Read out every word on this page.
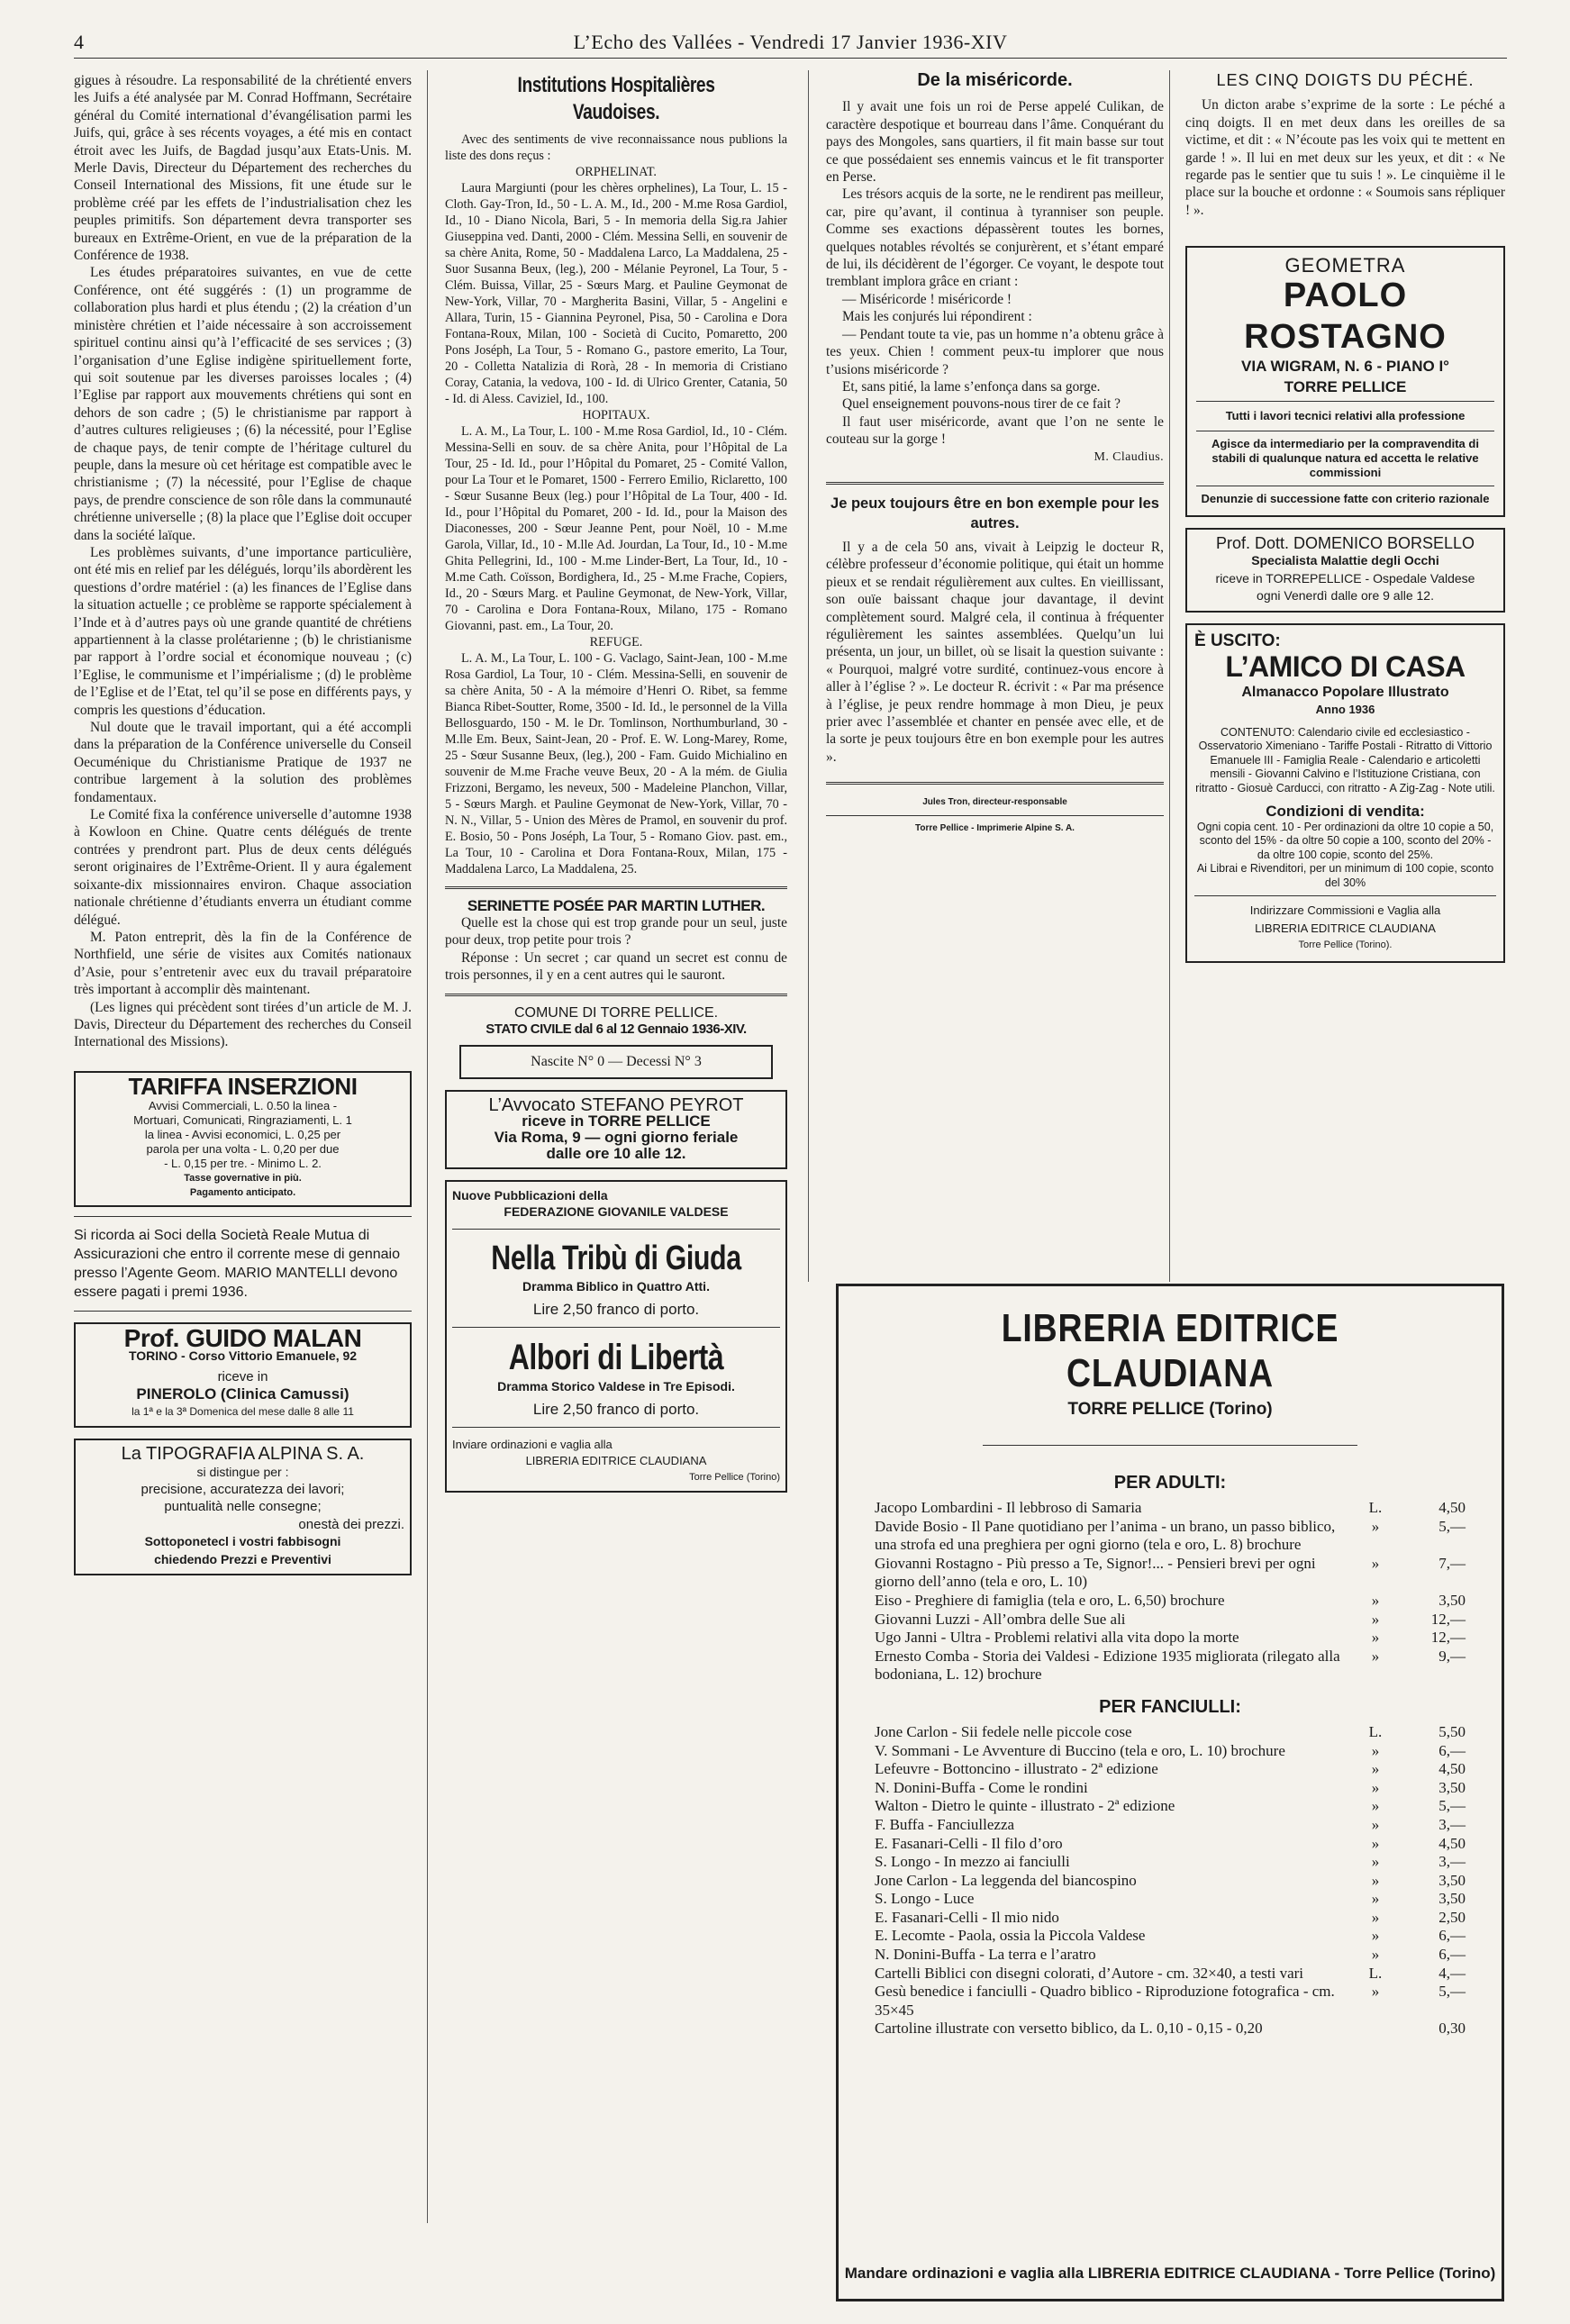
4	L’Echo des Vallées - Vendredi 17 Janvier 1936-XIV

gigues à résoudre. La responsabilité de la chrétienté envers les Juifs a été analysée par M. Conrad Hoffmann, Secrétaire général du Comité international d’évangélisation parmi les Juifs, qui, grâce à ses récents voyages, a été mis en contact étroit avec les Juifs, de Bagdad jusqu’aux Etats-Unis. M. Merle Davis, Directeur du Département des recherches du Conseil International des Missions, fit une étude sur le problème créé par les effets de l’industrialisation chez les peuples primitifs. Son département devra transporter ses bureaux en Extrême-Orient, en vue de la préparation de la Conférence de 1938.

Les études préparatoires suivantes, en vue de cette Conférence, ont été suggérés : (1) un programme de collaboration plus hardi et plus étendu ; (2) la création d’un ministère chrétien et l’aide nécessaire à son accroissement spirituel continu ainsi qu’à l’efficacité de ses services ; (3) l’organisation d’une Eglise indigène spirituellement forte, qui soit soutenue par les diverses paroisses locales ; (4) l’Eglise par rapport aux mouvements chrétiens qui sont en dehors de son cadre ; (5) le christianisme par rapport à d’autres cultures religieuses ; (6) la nécessité, pour l’Eglise de chaque pays, de tenir compte de l’héritage culturel du peuple, dans la mesure où cet héritage est compatible avec le christianisme ; (7) la nécessité, pour l’Eglise de chaque pays, de prendre conscience de son rôle dans la communauté chrétienne universelle ; (8) la place que l’Eglise doit occuper dans la société laïque.

Les problèmes suivants, d’une importance particulière, ont été mis en relief par les délégués, lorqu’ils abordèrent les questions d’ordre matériel : (a) les finances de l’Eglise dans la situation actuelle ; ce problème se rapporte spécialement à l’Inde et à d’autres pays où une grande quantité de chrétiens appartiennent à la classe prolétarienne ; (b) le christianisme par rapport à l’ordre social et économique nouveau ; (c) l’Eglise, le communisme et l’impérialisme ; (d) le problème de l’Eglise et de l’Etat, tel qu’il se pose en différents pays, y compris les questions d’éducation.

Nul doute que le travail important, qui a été accompli dans la préparation de la Conférence universelle du Conseil Oecuménique du Christianisme Pratique de 1937 ne contribue largement à la solution des problèmes fondamentaux.

Le Comité fixa la conférence universelle d’automne 1938 à Kowloon en Chine. Quatre cents délégués de trente contrées y prendront part. Plus de deux cents délégués seront originaires de l’Extrême-Orient. Il y aura également soixante-dix missionnaires environ. Chaque association nationale chrétienne d’étudiants enverra un étudiant comme délégué.

M. Paton entreprit, dès la fin de la Conférence de Northfield, une série de visites aux Comités nationaux d’Asie, pour s’entretenir avec eux du travail préparatoire très important à accomplir dès maintenant.

(Les lignes qui précèdent sont tirées d’un article de M. J. Davis, Directeur du Département des recherches du Conseil International des Missions).

TARIFFA INSERZIONI
Avvisi Commerciali, L. 0.50 la linea -
Mortuari, Comunicati, Ringraziamenti, L. 1
la linea - Avvisi economici, L. 0,25 per
parola per una volta - L. 0,20 per due
- L. 0,15 per tre. - Minimo L. 2.
Tasse governative in più.
Pagamento anticipato.

Si ricorda ai Soci della Società Reale Mutua di Assicurazioni che entro il corrente mese di gennaio presso l’Agente Geom. MARIO MANTELLI devono essere pagati i premi 1936.

Prof. GUIDO MALAN
TORINO - Corso Vittorio Emanuele, 92
riceve in
PINEROLO (Clinica Camussi)
la 1ª e la 3ª Domenica del mese dalle 8 alle 11
La TIPOGRAFIA ALPINA S. A.
si distingue per :
precisione, accuratezza dei lavori;
puntualità nelle consegne;
onestà dei prezzi.
Sottoponetecl i vostri fabbisogni
chiedendo Prezzi e Preventivi
Institutions Hospitalières Vaudoises.

Avec des sentiments de vive reconnaissance nous publions la liste des dons reçus :

ORPHELINAT.

Laura Margiunti (pour les chères orphelines), La Tour, L. 15 - Cloth. Gay-Tron, Id., 50 - L. A. M., Id., 200 - M.me Rosa Gardiol, Id., 10 - Diano Nicola, Bari, 5 - In memoria della Sig.ra Jahier Giuseppina ved. Danti, 2000 - Clém. Messina Selli, en souvenir de sa chère Anita, Rome, 50 - Maddalena Larco, La Maddalena, 25 - Suor Susanna Beux, (leg.), 200 - Mélanie Peyronel, La Tour, 5 - Clém. Buissa, Villar, 25 - Sœurs Marg. et Pauline Geymonat de New-York, Villar, 70 - Margherita Basini, Villar, 5 - Angelini e Allara, Turin, 15 - Giannina Peyronel, Pisa, 50 - Carolina e Dora Fontana-Roux, Milan, 100 - Società di Cucito, Pomaretto, 200 Pons Joséph, La Tour, 5 - Romano G., pastore emerito, La Tour, 20 - Colletta Natalizia di Rorà, 28 - In memoria di Cristiano Coray, Catania, la vedova, 100 - Id. di Ulrico Grenter, Catania, 50 - Id. di Aless. Caviziel, Id., 100.

HOPITAUX.

L. A. M., La Tour, L. 100 - M.me Rosa Gardiol, Id., 10 - Clém. Messina-Selli en souv. de sa chère Anita, pour l’Hôpital de La Tour, 25 - Id. Id., pour l’Hôpital du Pomaret, 25 - Comité Vallon, pour La Tour et le Pomaret, 1500 - Ferrero Emilio, Riclaretto, 100 - Sœur Susanne Beux (leg.) pour l’Hôpital de La Tour, 400 - Id. Id., pour l’Hôpital du Pomaret, 200 - Id. Id., pour la Maison des Diaconesses, 200 - Sœur Jeanne Pent, pour Noël, 10 - M.me Garola, Villar, Id., 10 - M.lle Ad. Jourdan, La Tour, Id., 10 - M.me Ghita Pellegrini, Id., 100 - M.me Linder-Bert, La Tour, Id., 10 - M.me Cath. Coïsson, Bordighera, Id., 25 - M.me Frache, Copiers, Id., 20 - Sœurs Marg. et Pauline Geymonat, de New-York, Villar, 70 - Carolina e Dora Fontana-Roux, Milano, 175 - Romano Giovanni, past. em., La Tour, 20.

REFUGE.

L. A. M., La Tour, L. 100 - G. Vaclago, Saint-Jean, 100 - M.me Rosa Gardiol, La Tour, 10 - Clém. Messina-Selli, en souvenir de sa chère Anita, 50 - A la mémoire d’Henri O. Ribet, sa femme Bianca Ribet-Soutter, Rome, 3500 - Id. Id., le personnel de la Villa Bellosguardo, 150 - M. le Dr. Tomlinson, Northumburland, 30 - M.lle Em. Beux, Saint-Jean, 20 - Prof. E. W. Long-Marey, Rome, 25 - Sœur Susanne Beux, (leg.), 200 - Fam. Guido Michialino en souvenir de M.me Frache veuve Beux, 20 - A la mém. de Giulia Frizzoni, Bergamo, les neveux, 500 - Madeleine Planchon, Villar, 5 - Sœurs Margh. et Pauline Geymonat de New-York, Villar, 70 - N. N., Villar, 5 - Union des Mères de Pramol, en souvenir du prof. E. Bosio, 50 - Pons Joséph, La Tour, 5 - Romano Giov. past. em., La Tour, 10 - Carolina et Dora Fontana-Roux, Milan, 175 - Maddalena Larco, La Maddalena, 25.

SERINETTE POSÉE PAR MARTIN LUTHER.

Quelle est la chose qui est trop grande pour un seul, juste pour deux, trop petite pour trois ?

Réponse : Un secret ; car quand un secret est connu de trois personnes, il y en a cent autres qui le sauront.

COMUNE DI TORRE PELLICE.
STATO CIVILE dal 6 al 12 Gennaio 1936-XIV.
Nascite N° 0 — Decessi N° 3
L’Avvocato STEFANO PEYROT
riceve in TORRE PELLICE
Via Roma, 9 — ogni giorno feriale
dalle ore 10 alle 12.
Nuove Pubblicazioni della
FEDERAZIONE GIOVANILE VALDESE
Nella Tribù di Giuda
Dramma Biblico in Quattro Atti.
Lire 2,50 franco di porto.
Albori di Libertà
Dramma Storico Valdese in Tre Episodi.
Lire 2,50 franco di porto.
Inviare ordinazioni e vaglia alla
LIBRERIA EDITRICE CLAUDIANA
Torre Pellice (Torino)
De la miséricorde.

Il y avait une fois un roi de Perse appelé Culikan, de caractère despotique et bourreau dans l’âme. Conquérant du pays des Mongoles, sans quartiers, il fit main basse sur tout ce que possédaient ses ennemis vaincus et le fit transporter en Perse.

Les trésors acquis de la sorte, ne le rendirent pas meilleur, car, pire qu’avant, il continua à tyranniser son peuple. Comme ses exactions dépassèrent toutes les bornes, quelques notables révoltés se conjurèrent, et s’étant emparé de lui, ils décidèrent de l’égorger. Ce voyant, le despote tout tremblant implora grâce en criant :

— Miséricorde ! miséricorde !

Mais les conjurés lui répondirent :

— Pendant toute ta vie, pas un homme n’a obtenu grâce à tes yeux. Chien ! comment peux-tu implorer que nous t’usions miséricorde ?

Et, sans pitié, la lame s’enfonça dans sa gorge.

Quel enseignement pouvons-nous tirer de ce fait ?

Il faut user miséricorde, avant que l’on ne sente le couteau sur la gorge !

M. Claudius.
Je peux toujours être en bon exemple pour les autres.

Il y a de cela 50 ans, vivait à Leipzig le docteur R, célèbre professeur d’économie politique, qui était un homme pieux et se rendait régulièrement aux cultes. En vieillissant, son ouïe baissant chaque jour davantage, il devint complètement sourd. Malgré cela, il continua à fréquenter régulièrement les saintes assemblées. Quelqu’un lui présenta, un jour, un billet, où se lisait la question suivante : « Pourquoi, malgré votre surdité, continuez-vous encore à aller à l’église ? ». Le docteur R. écrivit : « Par ma présence à l’église, je peux rendre hommage à mon Dieu, je peux prier avec l’assemblée et chanter en pensée avec elle, et de la sorte je peux toujours être en bon exemple pour les autres ».

Jules Tron, directeur-responsable
Torre Pellice - Imprimerie Alpine S. A.
LES CINQ DOIGTS DU PÉCHÉ.

Un dicton arabe s’exprime de la sorte : Le péché a cinq doigts. Il en met deux dans les oreilles de sa victime, et dit : « N’écoute pas les voix qui te mettent en garde ! ». Il lui en met deux sur les yeux, et dit : « Ne regarde pas le sentier que tu suis ! ». Le cinquième il le place sur la bouche et ordonne : « Soumois sans répliquer ! ».

GEOMETRA
PAOLO ROSTAGNO
VIA WIGRAM, N. 6 - PIANO I°
TORRE PELLICE
Tutti i lavori tecnici relativi alla professione
Agisce da intermediario per la compravendita di stabili di qualunque natura ed accetta le relative commissioni
Denunzie di successione fatte con criterio razionale
Prof. Dott. DOMENICO BORSELLO
Specialista Malattie degli Occhi
riceve in TORREPELLICE - Ospedale Valdese
ogni Venerdì dalle ore 9 alle 12.
È USCITO:
L’AMICO DI CASA
Almanacco Popolare Illustrato
Anno 1936
CONTENUTO: Calendario civile ed ecclesiastico - Osservatorio Ximeniano - Tariffe Postali - Ritratto di Vittorio Emanuele III - Famiglia Reale - Calendario e articoletti mensili - Giovanni Calvino e l’Istituzione Cristiana, con ritratto - Giosuè Carducci, con ritratto - A Zig-Zag - Note utili.
Condizioni di vendita:
Ogni copia cent. 10 - Per ordinazioni da oltre 10 copie a 50, sconto del 15% - da oltre 50 copie a 100, sconto del 20% - da oltre 100 copie, sconto del 25%.
Ai Librai e Rivenditori, per un minimum di 100 copie, sconto del 30%
Indirizzare Commissioni e Vaglia alla
LIBRERIA EDITRICE CLAUDIANA
Torre Pellice (Torino).
LIBRERIA EDITRICE CLAUDIANA
TORRE PELLICE (Torino)
PER ADULTI:
Jacopo Lombardini - Il lebbroso di Samaria	L.	4,50
Davide Bosio - Il Pane quotidiano per l’anima - un brano, un passo biblico, una strofa ed una preghiera per ogni giorno (tela e oro, L. 8) brochure
»	5,—
Giovanni Rostagno - Più presso a Te, Signor!... - Pensieri brevi per ogni giorno dell’anno (tela e oro, L. 10)
»	7,—
Eiso - Preghiere di famiglia (tela e oro, L. 6,50) brochure	»	3,50
Giovanni Luzzi - All’ombra delle Sue ali	»	12,—
Ugo Janni - Ultra - Problemi relativi alla vita dopo la morte	»	12,—
Ernesto Comba - Storia dei Valdesi - Edizione 1935 migliorata (rilegato alla bodoniana, L. 12) brochure
»	9,—
PER FANCIULLI:
Jone Carlon - Sii fedele nelle piccole cose	L.	5,50
V. Sommani - Le Avventure di Buccino (tela e oro, L. 10) brochure	»	6,—
Lefeuvre - Bottoncino - illustrato - 2ª edizione	»	4,50
N. Donini-Buffa - Come le rondini	»	3,50
Walton - Dietro le quinte - illustrato - 2ª edizione	»	5,—
F. Buffa - Fanciullezza	»	3,—
E. Fasanari-Celli - Il filo d’oro	»	4,50
S. Longo - In mezzo ai fanciulli	»	3,—
Jone Carlon - La leggenda del biancospino	»	3,50
S. Longo - Luce	»	3,50
E. Fasanari-Celli - Il mio nido	»	2,50
E. Lecomte - Paola, ossia la Piccola Valdese	»	6,—
N. Donini-Buffa - La terra e l’aratro	»	6,—
Cartelli Biblici con disegni colorati, d’Autore - cm. 32×40, a testi vari	L.	4,—
Gesù benedice i fanciulli - Quadro biblico - Riproduzione fotografica - cm. 35×45
»	5,—
Cartoline illustrate con versetto biblico, da L. 0,10 - 0,15 - 0,20	0,30
Mandare ordinazioni e vaglia alla LIBRERIA EDITRICE CLAUDIANA - Torre Pellice (Torino)
